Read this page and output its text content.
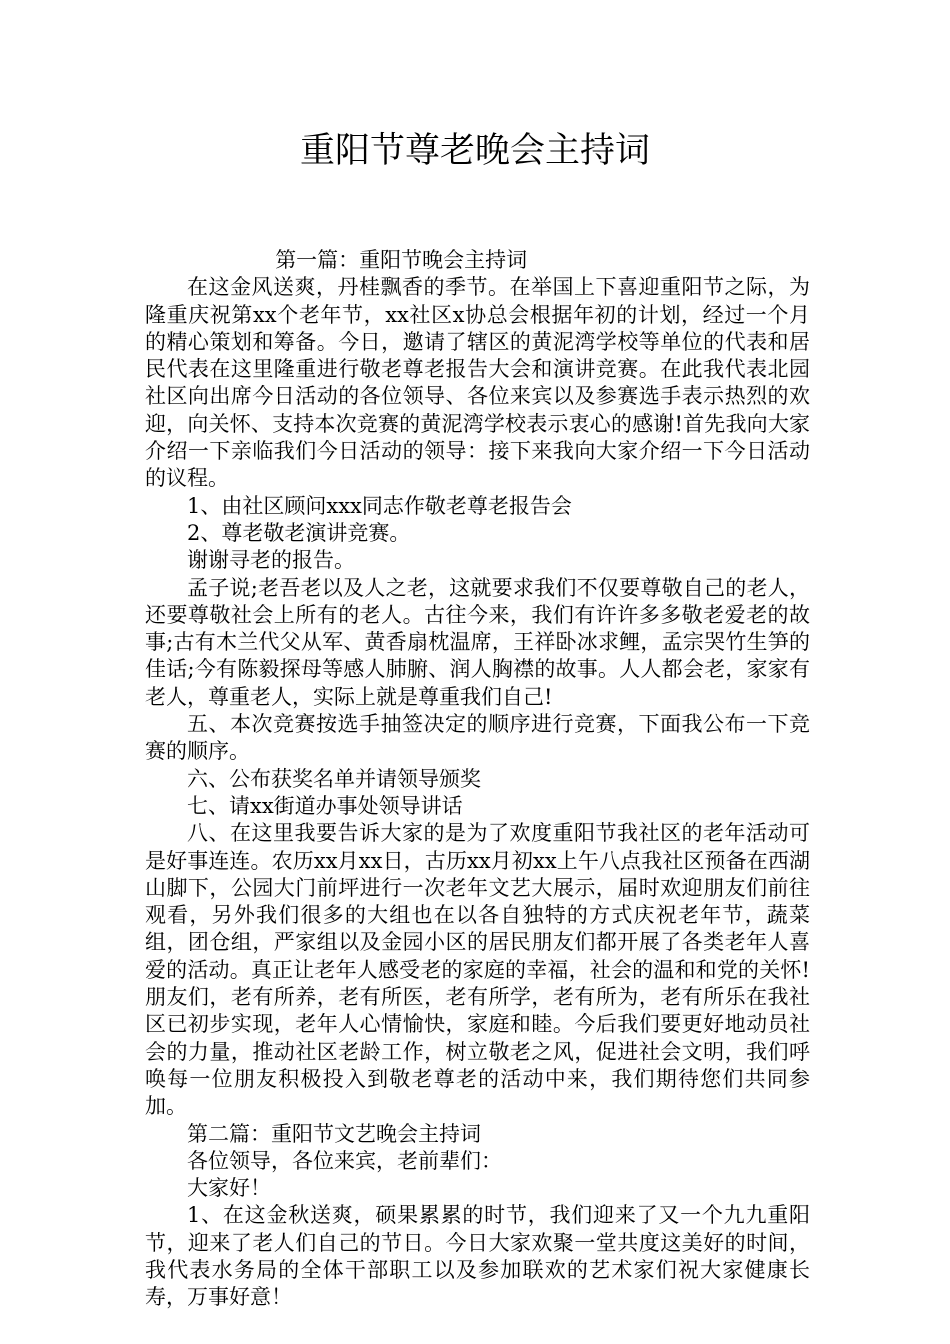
重阳节尊老晚会主持词

第一篇：重阳节晚会主持词

在这金风送爽，丹桂飘香的季节。在举国上下喜迎重阳节之际，为隆重庆祝第xx个老年节，xx社区x协总会根据年初的计划，经过一个月的精心策划和筹备。今日，邀请了辖区的黄泥湾学校等单位的代表和居民代表在这里隆重进行敬老尊老报告大会和演讲竞赛。在此我代表北园社区向出席今日活动的各位领导、各位来宾以及参赛选手表示热烈的欢迎，向关怀、支持本次竞赛的黄泥湾学校表示衷心的感谢!首先我向大家介绍一下亲临我们今日活动的领导：接下来我向大家介绍一下今日活动的议程。

1、由社区顾问xxx同志作敬老尊老报告会

2、尊老敬老演讲竞赛。

谢谢寻老的报告。

孟子说;老吾老以及人之老，这就要求我们不仅要尊敬自己的老人，还要尊敬社会上所有的老人。古往今来，我们有许许多多敬老爱老的故事;古有木兰代父从军、黄香扇枕温席，王祥卧冰求鲤，孟宗哭竹生笋的佳话;今有陈毅探母等感人肺腑、润人胸襟的故事。人人都会老，家家有老人，尊重老人，实际上就是尊重我们自己!

五、本次竞赛按选手抽签决定的顺序进行竞赛，下面我公布一下竞赛的顺序。

六、公布获奖名单并请领导颁奖

七、请xx街道办事处领导讲话

八、在这里我要告诉大家的是为了欢度重阳节我社区的老年活动可是好事连连。农历xx月xx日，古历xx月初xx上午八点我社区预备在西湖山脚下，公园大门前坪进行一次老年文艺大展示，届时欢迎朋友们前往观看，另外我们很多的大组也在以各自独特的方式庆祝老年节，蔬菜组，团仓组，严家组以及金园小区的居民朋友们都开展了各类老年人喜爱的活动。真正让老年人感受老的家庭的幸福，社会的温和和党的关怀!朋友们，老有所养，老有所医，老有所学，老有所为，老有所乐在我社区已初步实现，老年人心情愉快，家庭和睦。今后我们要更好地动员社会的力量，推动社区老龄工作，树立敬老之风，促进社会文明，我们呼唤每一位朋友积极投入到敬老尊老的活动中来，我们期待您们共同参加。

第二篇：重阳节文艺晚会主持词

各位领导，各位来宾，老前辈们：

大家好！

1、在这金秋送爽，硕果累累的时节，我们迎来了又一个九九重阳节，迎来了老人们自己的节日。今日大家欢聚一堂共度这美好的时间，我代表水务局的全体干部职工以及参加联欢的艺术家们祝大家健康长寿，万事好意！
